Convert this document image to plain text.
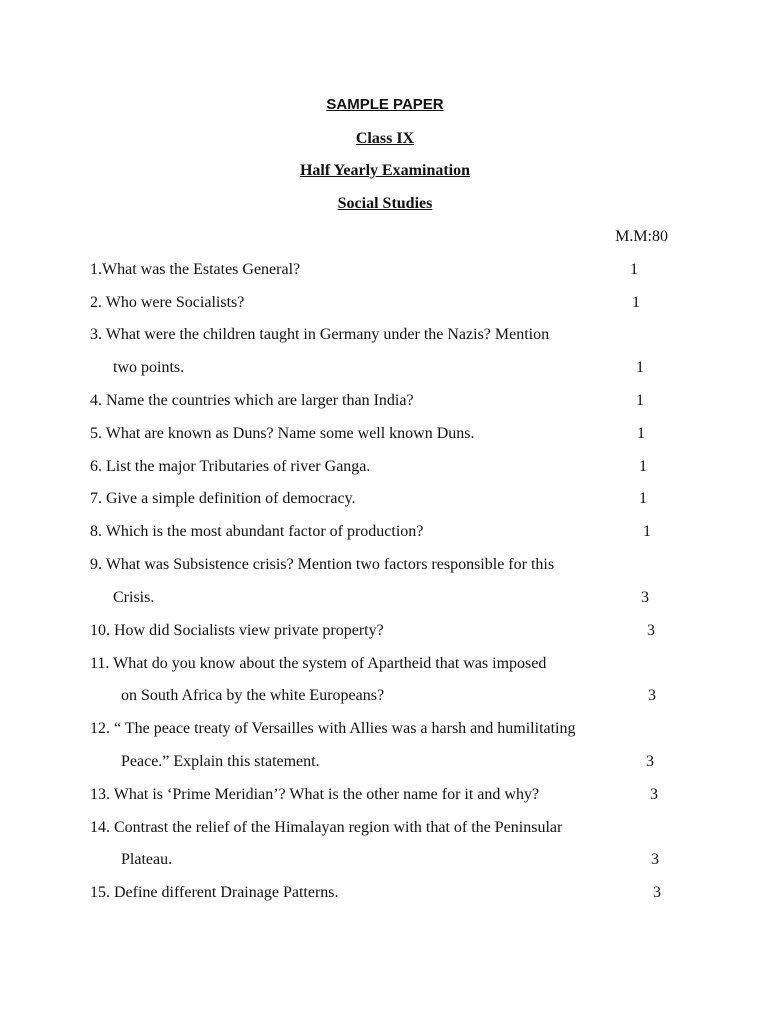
SAMPLE PAPER
Class IX
Half Yearly Examination
Social Studies
M.M:80
1.What was the Estates General?	1
2. Who were Socialists?	1
3. What were the children taught in Germany under the Nazis? Mention
two points.	1
4. Name the countries which are larger than India?	1
5. What are known as Duns? Name some well known Duns.	1
6. List the major Tributaries of river Ganga.	1
7. Give a simple definition of democracy.	1
8. Which is the most abundant factor of production?	1
9. What was Subsistence crisis? Mention two factors responsible for this
Crisis.	3
10. How did Socialists view private property?	3
11. What do you know about the system of Apartheid that was imposed
on South Africa by the white Europeans?	3
12. “ The peace treaty of Versailles with Allies was a harsh and humilitating
Peace.” Explain this statement.	3
13. What is ‘Prime Meridian’? What is the other name for it and why?	3
14. Contrast the relief of the Himalayan region with that of the Peninsular
Plateau.	3
15. Define different Drainage Patterns.	3
